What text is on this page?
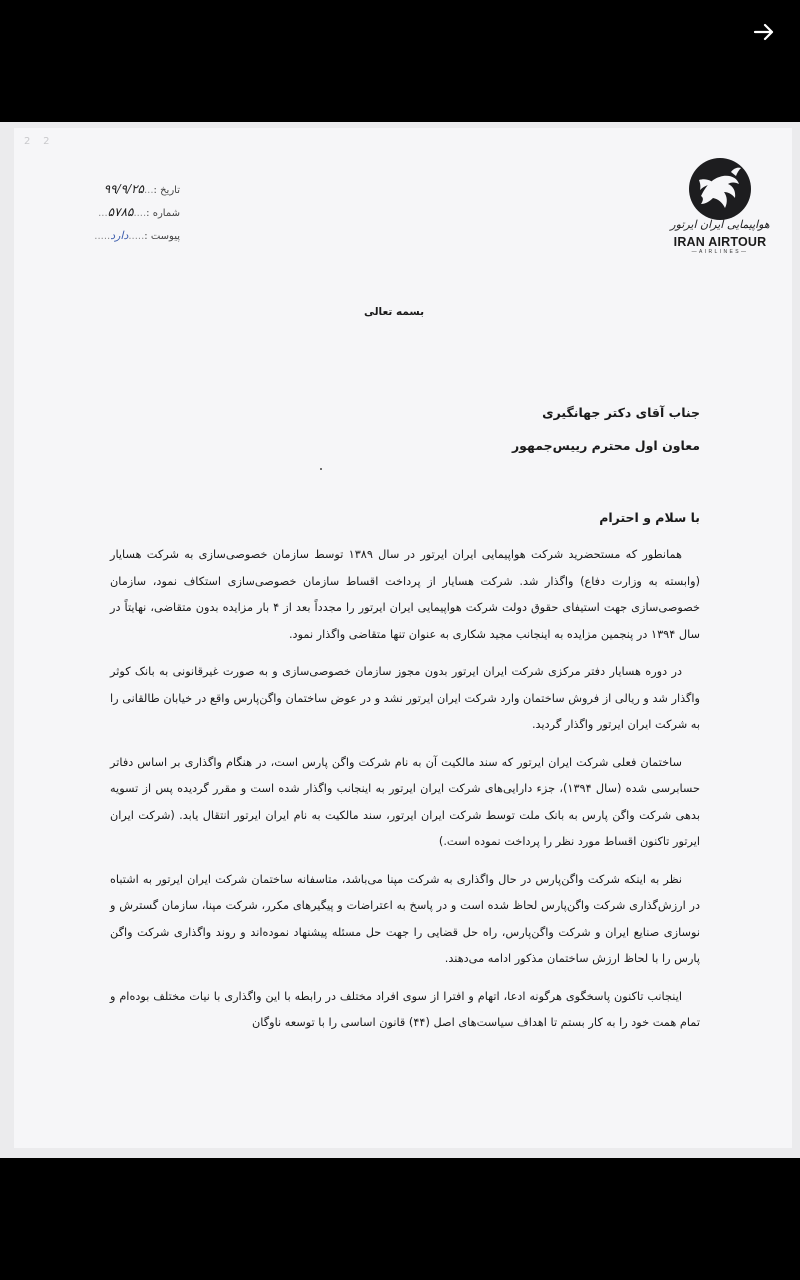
2    2
هواپیمایی ایران ایرتور
IRAN AIRTOUR
—AIRLINES—
تاریخ :...۹۹/۹/۲۵
شماره :....۵۷۸۵...
پیوست :.....دارد.....
بسمه تعالی
جناب آقای دکتر جهانگیری
معاون اول محترم رییس‌جمهور
با سلام و احترام

همانطور که مستحضرید شرکت هواپیمایی ایران ایرتور در سال ۱۳۸۹ توسط سازمان خصوصی‌سازی به شرکت هسایار (وابسته به وزارت دفاع) واگذار شد. شرکت هسایار از پرداخت اقساط سازمان خصوصی‌سازی استکاف نمود، سازمان خصوصی‌سازی جهت استیفای حقوق دولت شرکت هواپیمایی ایران ایرتور را مجدداً بعد از ۴ بار مزایده بدون متقاضی، نهایتاً در سال ۱۳۹۴ در پنجمین مزایده به اینجانب مجید شکاری به عنوان تنها متقاضی واگذار نمود.

در دوره هسایار دفتر مرکزی شرکت ایران ایرتور بدون مجوز سازمان خصوصی‌سازی و به صورت غیرقانونی به بانک کوثر واگذار شد و ریالی از فروش ساختمان وارد شرکت ایران ایرتور نشد و در عوض ساختمان واگن‌پارس واقع در خیابان طالقانی را به شرکت ایران ایرتور واگذار گردید.

ساختمان فعلی شرکت ایران ایرتور که سند مالکیت آن به نام شرکت واگن پارس است، در هنگام واگذاری بر اساس دفاتر حسابرسی شده (سال ۱۳۹۴)، جزء دارایی‌های شرکت ایران ایرتور به اینجانب واگذار شده است و مقرر گردیده پس از تسویه بدهی شرکت واگن پارس به بانک ملت توسط شرکت ایران ایرتور، سند مالکیت به نام ایران ایرتور انتقال یابد. (شرکت ایران ایرتور تاکنون اقساط مورد نظر را پرداخت نموده است.)

نظر به اینکه شرکت واگن‌پارس در حال واگذاری به شرکت مپنا می‌باشد، متاسفانه ساختمان شرکت ایران ایرتور به اشتباه در ارزش‌گذاری شرکت واگن‌پارس لحاظ شده است و در پاسخ به اعتراضات و پیگیرهای مکرر، شرکت مپنا، سازمان گسترش و نوسازی صنایع ایران و شرکت واگن‌پارس، راه حل قضایی را جهت حل مسئله پیشنهاد نموده‌اند و روند واگذاری شرکت واگن پارس را با لحاظ ارزش ساختمان مذکور ادامه می‌دهند.

اینجانب تاکنون پاسخگوی هرگونه ادعا، اتهام و افترا از سوی افراد مختلف در رابطه با این واگذاری با نیات مختلف بوده‌ام و تمام همت خود را به کار بستم تا اهداف سیاست‌های اصل (۴۴) قانون اساسی را با توسعه ناوگان
